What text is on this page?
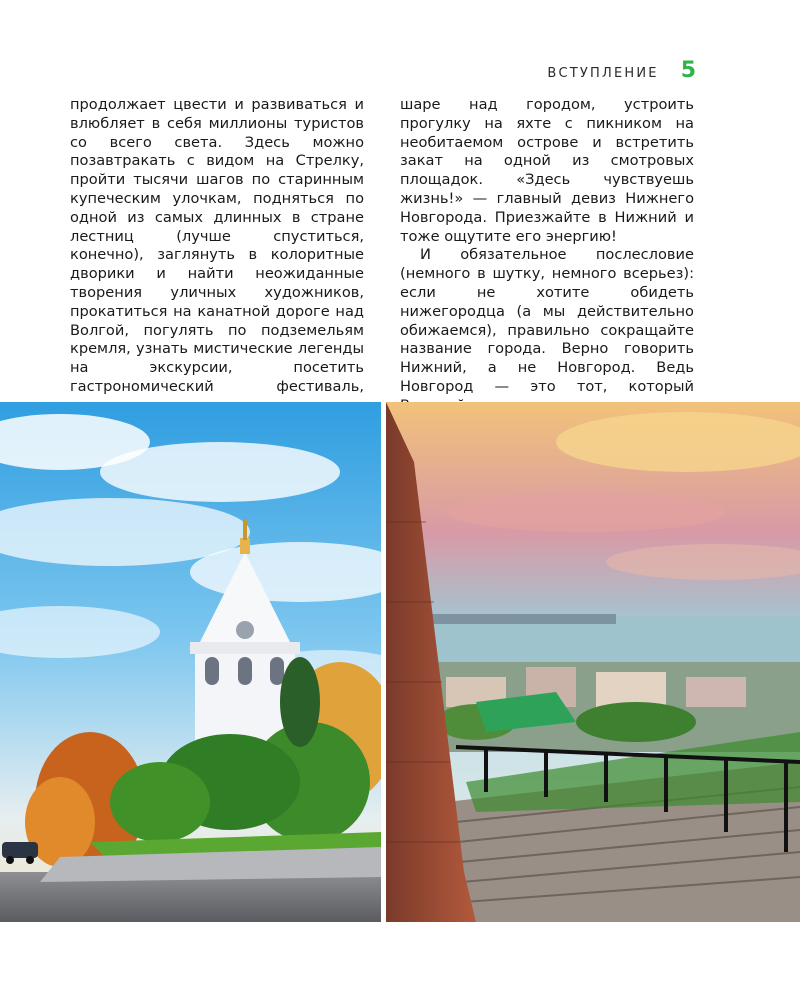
ВСТУПЛЕНИЕ 5

продолжает цвести и развиваться и влюбляет в себя миллионы туристов со всего света. Здесь можно позавтракать с видом на Стрелку, пройти тысячи шагов по старинным купеческим улочкам, подняться по одной из самых длинных в стране лестниц (лучше спуститься, конечно), заглянуть в колоритные дворики и найти неожиданные творения уличных художников, прокатиться на канатной дороге над Волгой, погулять по подземельям кремля, узнать мистические легенды на экскурсии, посетить гастрономический фестиваль,

шаре над городом, устроить прогулку на яхте с пикником на необитаемом острове и встретить закат на одной из смотровых площадок. «Здесь чувствуешь жизнь!» — главный девиз Нижнего Новгорода. Приезжайте в Нижний и тоже ощутите его энергию!

И обязательное послесловие (немного в шутку, немного всерьез): если не хотите обидеть нижегородца (а мы действительно обижаемся), правильно сокращайте название города. Верно говорить Нижний, а не Новгород. Ведь Новгород — это тот, который
